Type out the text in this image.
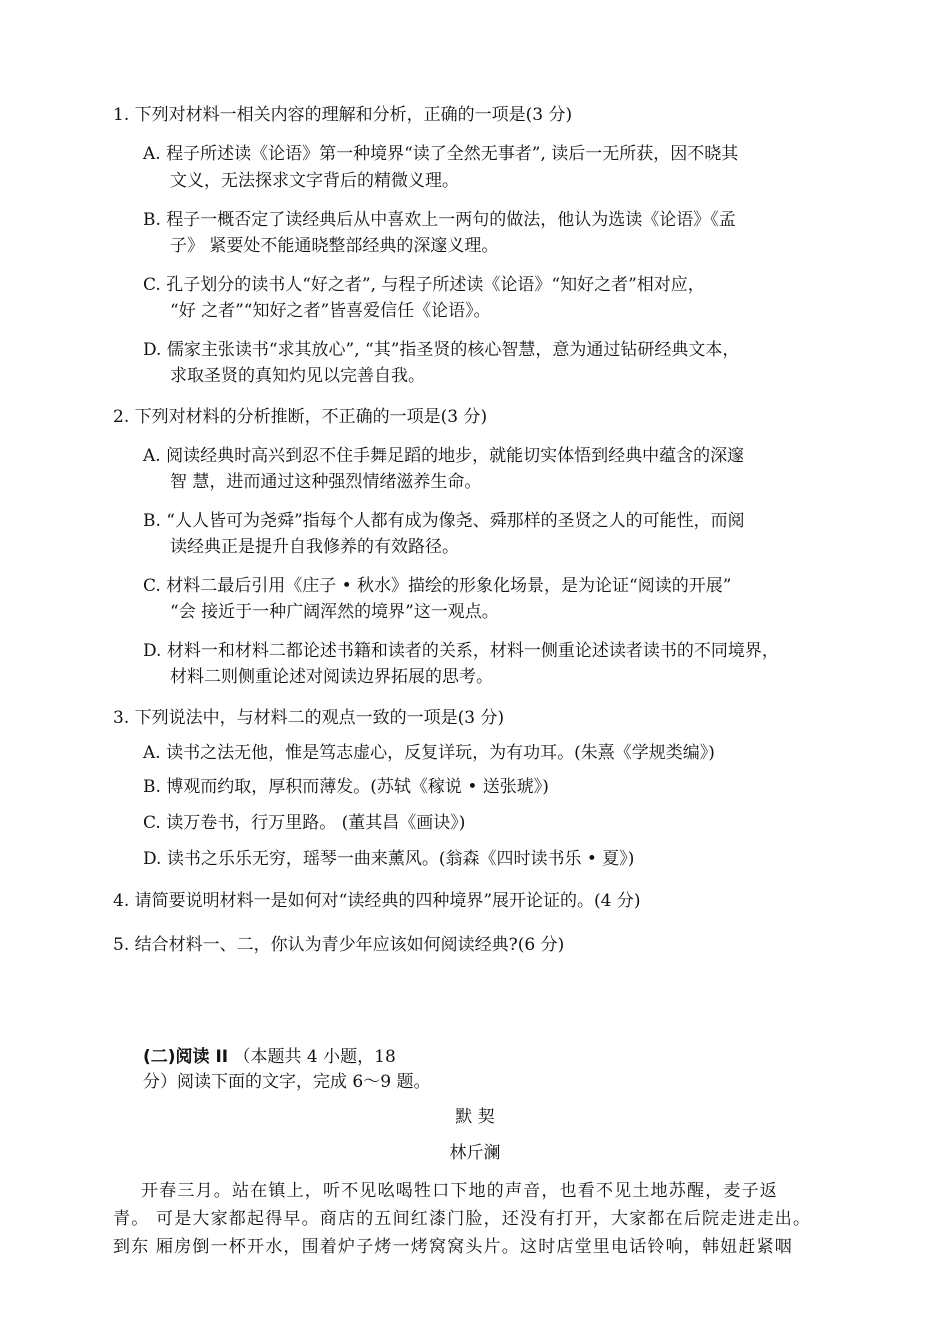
1. 下列对材料一相关内容的理解和分析，正确的一项是(3 分)
A. 程子所述读《论语》第一种境界“读了全然无事者”, 读后一无所获，因不晓其
文义，无法探求文字背后的精微义理。
B. 程子一概否定了读经典后从中喜欢上一两句的做法，他认为选读《论语》《孟
子》 紧要处不能通晓整部经典的深邃义理。
C. 孔子划分的读书人“好之者”, 与程子所述读《论语》“知好之者”相对应，
“好 之者”“知好之者”皆喜爱信任《论语》。
D. 儒家主张读书“求其放心”, “其”指圣贤的核心智慧，意为通过钻研经典文本，
求取圣贤的真知灼见以完善自我。
2. 下列对材料的分析推断，不正确的一项是(3 分)
A. 阅读经典时高兴到忍不住手舞足蹈的地步，就能切实体悟到经典中蕴含的深邃
智 慧，进而通过这种强烈情绪滋养生命。
B. “人人皆可为尧舜”指每个人都有成为像尧、舜那样的圣贤之人的可能性，而阅
读经典正是提升自我修养的有效路径。
C. 材料二最后引用《庄子 • 秋水》描绘的形象化场景，是为论证“阅读的开展”
“会 接近于一种广阔浑然的境界”这一观点。
D. 材料一和材料二都论述书籍和读者的关系，材料一侧重论述读者读书的不同境界，
材料二则侧重论述对阅读边界拓展的思考。
3. 下列说法中，与材料二的观点一致的一项是(3 分)
A. 读书之法无他，惟是笃志虚心，反复详玩，为有功耳。(朱熹《学规类编》)
B. 博观而约取，厚积而薄发。(苏轼《稼说 • 送张琥》)
C. 读万卷书，行万里路。 (董其昌《画诀》)
D. 读书之乐乐无穷，瑶琴一曲来薰风。(翁森《四时读书乐 • 夏》)
4. 请简要说明材料一是如何对“读经典的四种境界”展开论证的。(4 分)
5. 结合材料一、二，你认为青少年应该如何阅读经典?(6 分)
(二)阅读 II （本题共 4 小题，18
分）阅读下面的文字，完成 6～9 题。
默 契
林斤澜
开春三月。站在镇上，听不见吆喝牲口下地的声音，也看不见土地苏醒，麦子返
青。 可是大家都起得早。商店的五间红漆门脸，还没有打开，大家都在后院走进走出。
到东 厢房倒一杯开水，围着炉子烤一烤窝窝头片。这时店堂里电话铃响，韩妞赶紧咽
